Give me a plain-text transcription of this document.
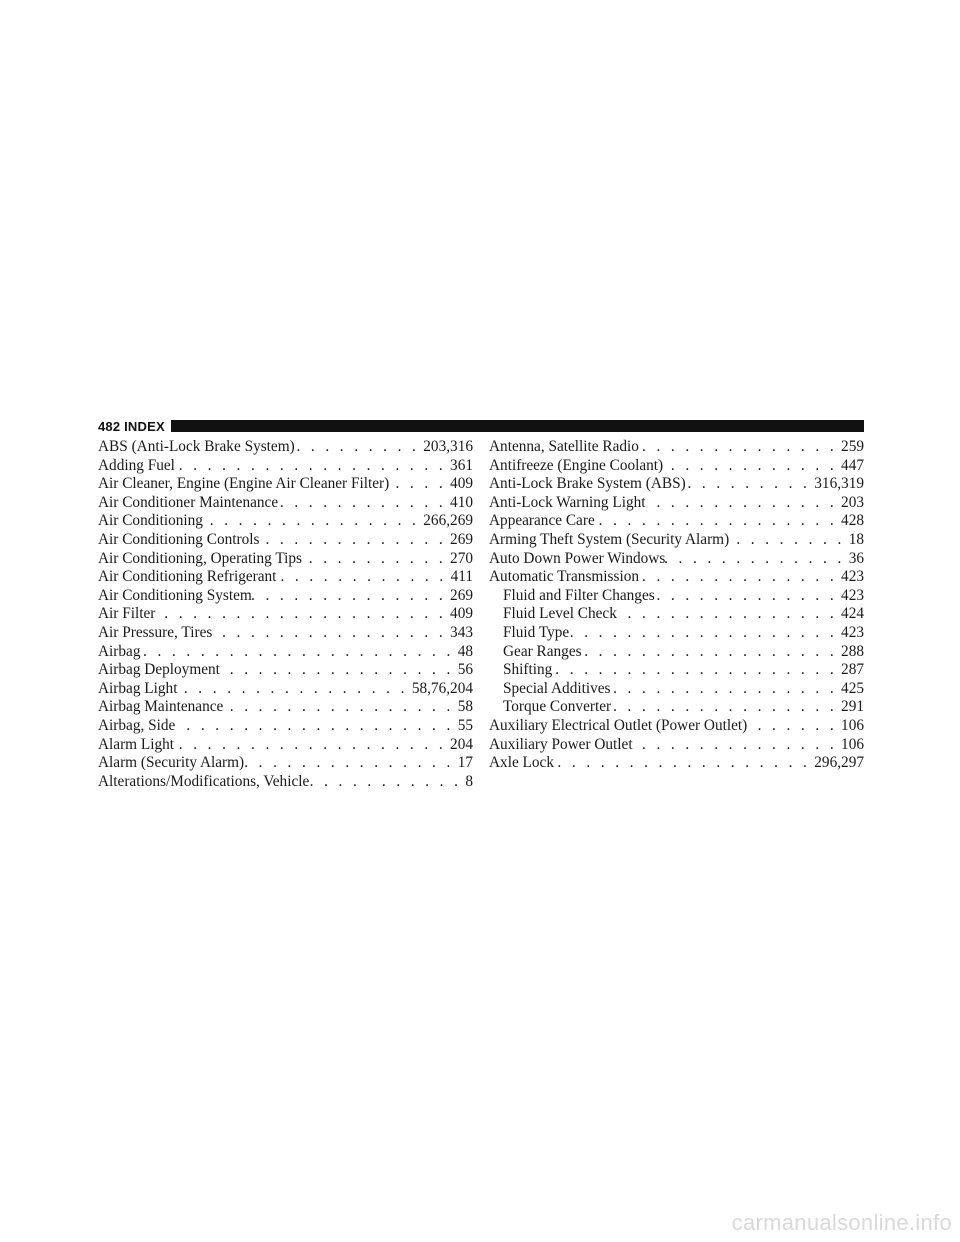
482 INDEX
ABS (Anti-Lock Brake System) . . .	203,316
Adding Fuel . . .	361
Air Cleaner, Engine (Engine Air Cleaner Filter) . . .	409
Air Conditioner Maintenance . . .	410
Air Conditioning . . .	266,269
Air Conditioning Controls . . .	269
Air Conditioning, Operating Tips . . .	270
Air Conditioning Refrigerant . . .	411
Air Conditioning System . . .	269
Air Filter . . .	409
Air Pressure, Tires . . .	343
Airbag . . .	48
Airbag Deployment . . .	56
Airbag Light . . .	58,76,204
Airbag Maintenance . . .	58
Airbag, Side . . .	55
Alarm Light . . .	204
Alarm (Security Alarm) . . .	17
Alterations/Modifications, Vehicle . . .	8
Antenna, Satellite Radio . . .	259
Antifreeze (Engine Coolant) . . .	447
Anti-Lock Brake System (ABS) . . .	316,319
Anti-Lock Warning Light . . .	203
Appearance Care . . .	428
Arming Theft System (Security Alarm) . . .	18
Auto Down Power Windows . . .	36
Automatic Transmission . . .	423
Fluid and Filter Changes . . .	423
Fluid Level Check . . .	424
Fluid Type . . .	423
Gear Ranges . . .	288
Shifting . . .	287
Special Additives . . .	425
Torque Converter . . .	291
Auxiliary Electrical Outlet (Power Outlet) . . .	106
Auxiliary Power Outlet . . .	106
Axle Lock . . .	296,297
carmanualsonline.info
